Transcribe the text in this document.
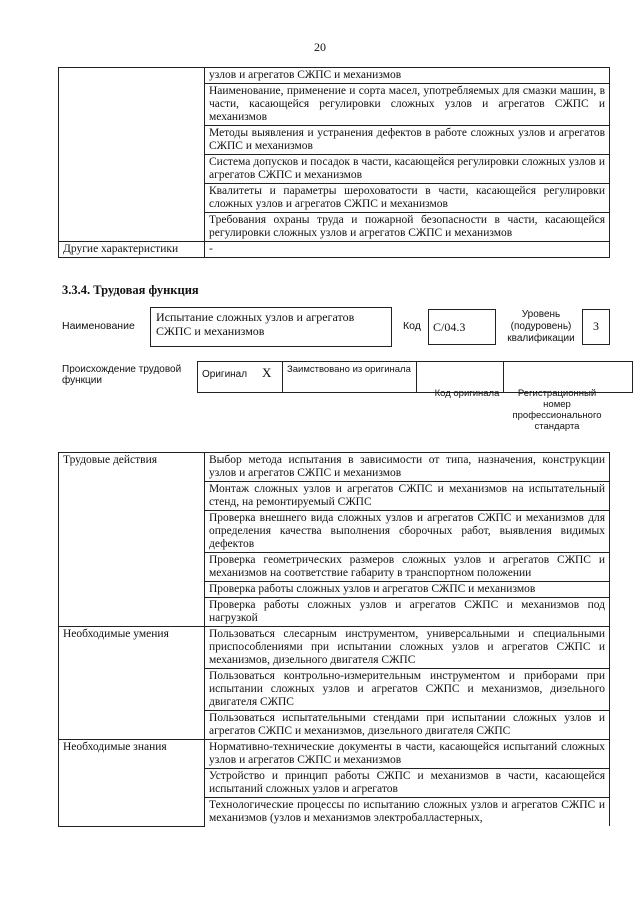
20
	узлов и агрегатов СЖПС и механизмов
	Наименование, применение и сорта масел, употребляемых для смазки машин, в части, касающейся регулировки сложных узлов и агрегатов СЖПС и механизмов
	Методы выявления и устранения дефектов в работе сложных узлов и агрегатов СЖПС и механизмов
	Система допусков и посадок в части, касающейся регулировки сложных узлов и агрегатов СЖПС и механизмов
	Квалитеты и параметры шероховатости в части, касающейся регулировки сложных узлов и агрегатов СЖПС и механизмов
	Требования охраны труда и пожарной безопасности в части, касающейся регулировки сложных узлов и агрегатов СЖПС и механизмов
Другие характеристики	-
3.3.4. Трудовая функция
Наименование
Испытание сложных узлов и агрегатов СЖПС и механизмов	Код	С/04.3
Уровень (подуровень) квалификации
3
Происхождение трудовой функции
Оригинал	X	Заимствовано из оригинала		
Код оригинала	Регистрационный номер профессионального стандарта
Трудовые действия	Выбор метода испытания в зависимости от типа, назначения, конструкции узлов и агрегатов СЖПС и механизмов
	Монтаж сложных узлов и агрегатов СЖПС и механизмов на испытательный стенд, на ремонтируемый СЖПС
	Проверка внешнего вида сложных узлов и агрегатов СЖПС и механизмов для определения качества выполнения сборочных работ, выявления видимых дефектов
	Проверка геометрических размеров сложных узлов и агрегатов СЖПС и механизмов на соответствие габариту в транспортном положении
	Проверка работы сложных узлов и агрегатов СЖПС и механизмов
	Проверка работы сложных узлов и агрегатов СЖПС и механизмов под нагрузкой
Необходимые умения	Пользоваться слесарным инструментом, универсальными и специальными приспособлениями при испытании сложных узлов и агрегатов СЖПС и механизмов, дизельного двигателя СЖПС
	Пользоваться контрольно-измерительным инструментом и приборами при испытании сложных узлов и агрегатов СЖПС и механизмов, дизельного двигателя СЖПС
	Пользоваться испытательными стендами при испытании сложных узлов и агрегатов СЖПС и механизмов, дизельного двигателя СЖПС
Необходимые знания	Нормативно-технические документы в части, касающейся испытаний сложных узлов и агрегатов СЖПС и механизмов
	Устройство и принцип работы СЖПС и механизмов в части, касающейся испытаний сложных узлов и агрегатов
	Технологические процессы по испытанию сложных узлов и агрегатов СЖПС и механизмов (узлов и механизмов электробалластерных,
